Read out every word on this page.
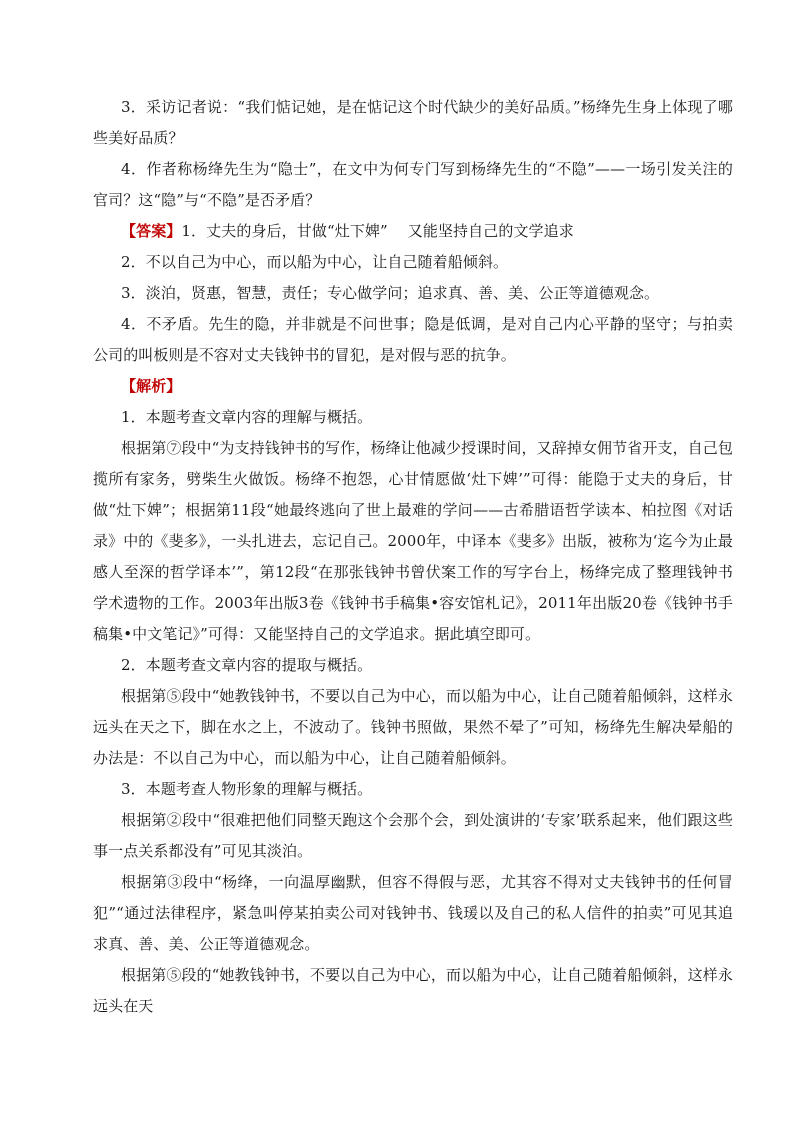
3．采访记者说：“我们惦记她，是在惦记这个时代缺少的美好品质。”杨绛先生身上体现了哪些美好品质？

4．作者称杨绛先生为“隐士”，在文中为何专门写到杨绛先生的“不隐”——一场引发关注的官司？这“隐”与“不隐”是否矛盾？

【答案】1．丈夫的身后，甘做“灶下婢”　 又能坚持自己的文学追求

2．不以自己为中心，而以船为中心，让自己随着船倾斜。

3．淡泊，贤惠，智慧，责任；专心做学问；追求真、善、美、公正等道德观念。

4．不矛盾。先生的隐，并非就是不问世事；隐是低调，是对自己内心平静的坚守；与拍卖公司的叫板则是不容对丈夫钱钟书的冒犯，是对假与恶的抗争。

【解析】

1．本题考查文章内容的理解与概括。

根据第⑦段中“为支持钱钟书的写作，杨绛让他减少授课时间，又辞掉女佣节省开支，自己包揽所有家务，劈柴生火做饭。杨绛不抱怨，心甘情愿做‘灶下婢’”可得：能隐于丈夫的身后，甘做“灶下婢”；根据第11段“她最终逃向了世上最难的学问——古希腊语哲学读本、柏拉图《对话录》中的《斐多》，一头扎进去，忘记自己。2000年，中译本《斐多》出版，被称为‘迄今为止最感人至深的哲学译本’”，第12段“在那张钱钟书曾伏案工作的写字台上，杨绛完成了整理钱钟书学术遗物的工作。2003年出版3卷《钱钟书手稿集•容安馆札记》，2011年出版20卷《钱钟书手稿集•中文笔记》”可得：又能坚持自己的文学追求。据此填空即可。

2．本题考查文章内容的提取与概括。

根据第⑤段中“她教钱钟书，不要以自己为中心，而以船为中心，让自己随着船倾斜，这样永远头在天之下，脚在水之上，不波动了。钱钟书照做，果然不晕了”可知，杨绛先生解决晕船的办法是：不以自己为中心，而以船为中心，让自己随着船倾斜。

3．本题考查人物形象的理解与概括。

根据第②段中“很难把他们同整天跑这个会那个会，到处演讲的‘专家’联系起来，他们跟这些事一点关系都没有”可见其淡泊。

根据第③段中“杨绛，一向温厚幽默，但容不得假与恶，尤其容不得对丈夫钱钟书的任何冒犯”“通过法律程序，紧急叫停某拍卖公司对钱钟书、钱瑗以及自己的私人信件的拍卖”可见其追求真、善、美、公正等道德观念。

根据第⑤段的“她教钱钟书，不要以自己为中心，而以船为中心，让自己随着船倾斜，这样永远头在天
